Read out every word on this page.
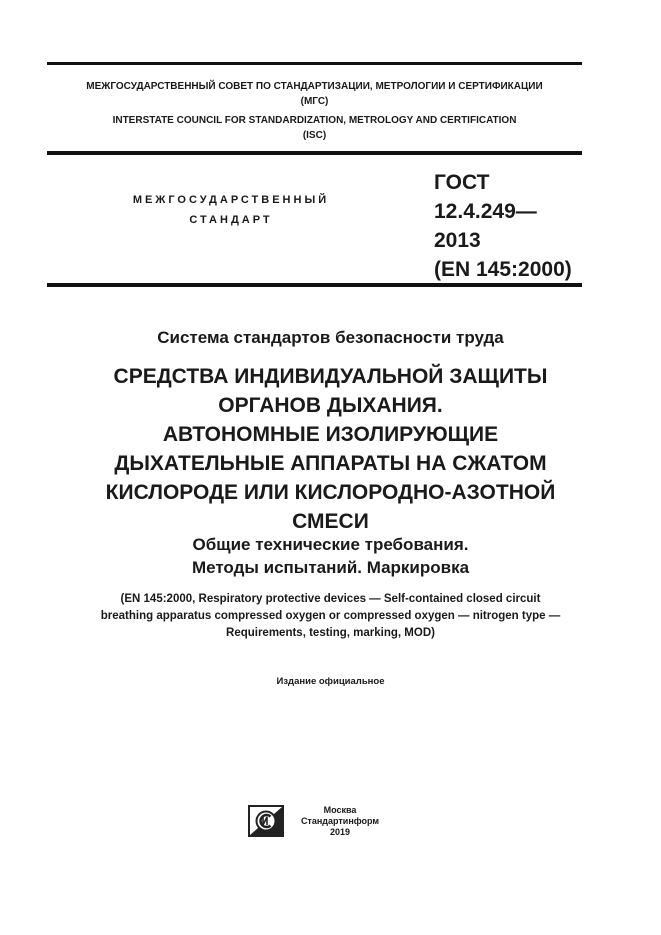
МЕЖГОСУДАРСТВЕННЫЙ СОВЕТ ПО СТАНДАРТИЗАЦИИ, МЕТРОЛОГИИ И СЕРТИФИКАЦИИ
(МГС)
INTERSTATE COUNCIL FOR STANDARDIZATION, METROLOGY AND CERTIFICATION
(ISC)
МЕЖГОСУДАРСТВЕННЫЙ
СТАНДАРТ
ГОСТ
12.4.249—
2013
(EN 145:2000)
Система стандартов безопасности труда
СРЕДСТВА ИНДИВИДУАЛЬНОЙ ЗАЩИТЫ
ОРГАНОВ ДЫХАНИЯ.
АВТОНОМНЫЕ ИЗОЛИРУЮЩИЕ
ДЫХАТЕЛЬНЫЕ АППАРАТЫ НА СЖАТОМ
КИСЛОРОДЕ ИЛИ КИСЛОРОДНО-АЗОТНОЙ
СМЕСИ
Общие технические требования.
Методы испытаний. Маркировка
(EN 145:2000, Respiratory protective devices — Self-contained closed circuit
breathing apparatus compressed oxygen or compressed oxygen — nitrogen type —
Requirements, testing, marking, MOD)
Издание официальное
Москва
Стандартинформ
2019
